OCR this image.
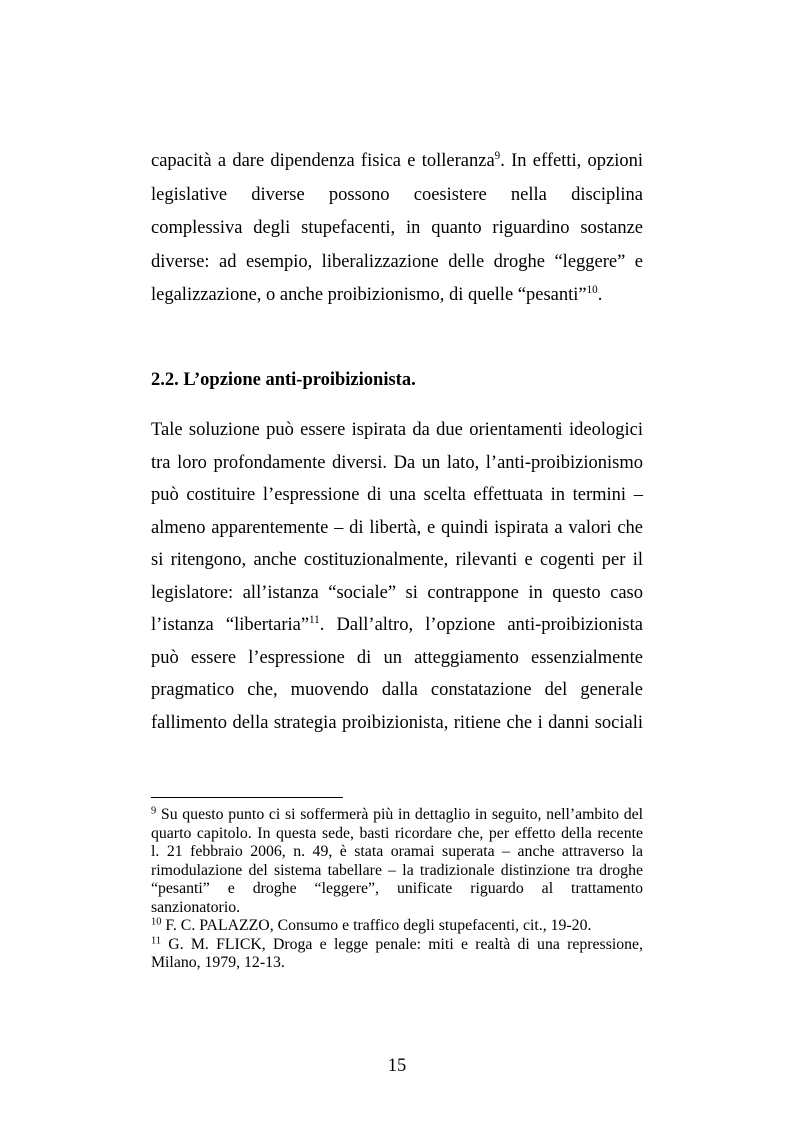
capacità a dare dipendenza fisica e tolleranza$^9$. In effetti, opzioni
legislative diverse possono coesistere nella disciplina
complessiva degli stupefacenti, in quanto riguardino sostanze
diverse: ad esempio, liberalizzazione delle droghe “leggere” e
legalizzazione, o anche proibizionismo, di quelle “pesanti”$^{10}$.
2.2. L’opzione anti-proibizionista.
Tale soluzione può essere ispirata da due orientamenti ideologici
tra loro profondamente diversi. Da un lato, l’anti-proibizionismo
può costituire l’espressione di una scelta effettuata in termini –
almeno apparentemente – di libertà, e quindi ispirata a valori che
si ritengono, anche costituzionalmente, rilevanti e cogenti per il
legislatore: all’istanza “sociale” si contrappone in questo caso
l’istanza “libertaria”$^{11}$. Dall’altro, l’opzione anti-proibizionista
può essere l’espressione di un atteggiamento essenzialmente
pragmatico che, muovendo dalla constatazione del generale
fallimento della strategia proibizionista, ritiene che i danni sociali
$^9$ Su questo punto ci si soffermerà più in dettaglio in seguito, nell’ambito del
quarto capitolo. In questa sede, basti ricordare che, per effetto della recente
l. 21 febbraio 2006, n. 49, è stata oramai superata – anche attraverso la
rimodulazione del sistema tabellare – la tradizionale distinzione tra droghe
“pesanti” e droghe “leggere”, unificate riguardo al trattamento
sanzionatorio.
$^{10}$ F. C. PALAZZO, Consumo e traffico degli stupefacenti, cit., 19-20.
$^{11}$ G. M. FLICK, Droga e legge penale: miti e realtà di una repressione,
Milano, 1979, 12-13.
15
